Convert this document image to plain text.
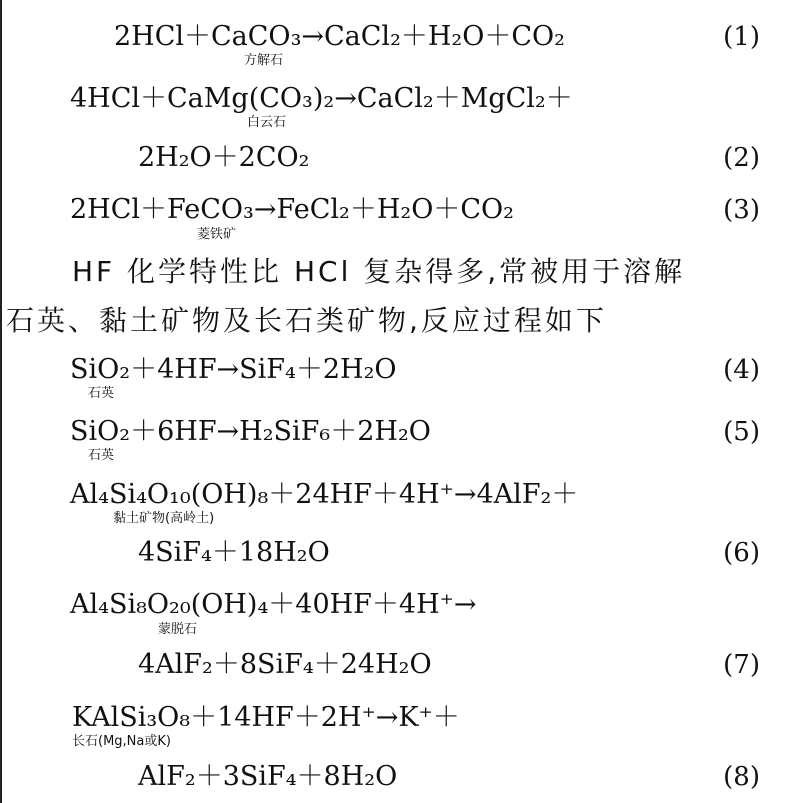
2HCl＋CaCO₃→CaCl₂＋H₂O＋CO₂
方解石
(1)
4HCl＋CaMg(CO₃)₂→CaCl₂＋MgCl₂＋
白云石
2H₂O＋2CO₂	(2)
2HCl＋FeCO₃→FeCl₂＋H₂O＋CO₂
菱铁矿
(3)
HF 化学特性比 HCl 复杂得多,常被用于溶解
石英、黏土矿物及长石类矿物,反应过程如下
SiO₂＋4HF→SiF₄＋2H₂O
石英
(4)
SiO₂＋6HF→H₂SiF₆＋2H₂O
石英
(5)
Al₄Si₄O₁₀(OH)₈＋24HF＋4H⁺→4AlF₂＋
黏土矿物(高岭土)
4SiF₄＋18H₂O	(6)
Al₄Si₈O₂₀(OH)₄＋40HF＋4H⁺→
蒙脱石
4AlF₂＋8SiF₄＋24H₂O	(7)
KAlSi₃O₈＋14HF＋2H⁺→K⁺＋
长石(Mg,Na或K)
AlF₂＋3SiF₄＋8H₂O	(8)
